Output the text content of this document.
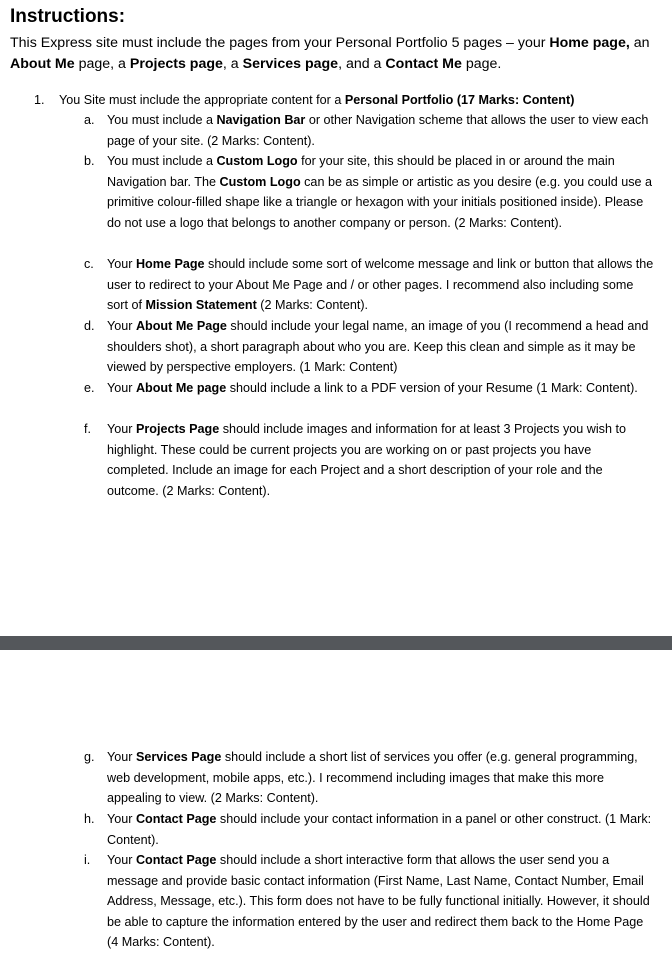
Instructions:

This Express site must include the pages from your Personal Portfolio 5 pages – your Home page, an About Me page, a Projects page, a Services page, and a Contact Me page.

1. You Site must include the appropriate content for a Personal Portfolio (17 Marks: Content)
a. You must include a Navigation Bar or other Navigation scheme that allows the user to view each page of your site. (2 Marks: Content).
b. You must include a Custom Logo for your site, this should be placed in or around the main Navigation bar. The Custom Logo can be as simple or artistic as you desire (e.g. you could use a primitive colour-filled shape like a triangle or hexagon with your initials positioned inside). Please do not use a logo that belongs to another company or person. (2 Marks: Content).
c. Your Home Page should include some sort of welcome message and link or button that allows the user to redirect to your About Me Page and / or other pages. I recommend also including some sort of Mission Statement (2 Marks: Content).
d. Your About Me Page should include your legal name, an image of you (I recommend a head and shoulders shot), a short paragraph about who you are. Keep this clean and simple as it may be viewed by perspective employers. (1 Mark: Content)
e. Your About Me page should include a link to a PDF version of your Resume (1 Mark: Content).
f. Your Projects Page should include images and information for at least 3 Projects you wish to highlight. These could be current projects you are working on or past projects you have completed. Include an image for each Project and a short description of your role and the outcome. (2 Marks: Content).
g. Your Services Page should include a short list of services you offer (e.g. general programming, web development, mobile apps, etc.). I recommend including images that make this more appealing to view. (2 Marks: Content).
h. Your Contact Page should include your contact information in a panel or other construct. (1 Mark: Content).
i. Your Contact Page should include a short interactive form that allows the user send you a message and provide basic contact information (First Name, Last Name, Contact Number, Email Address, Message, etc.). This form does not have to be fully functional initially. However, it should be able to capture the information entered by the user and redirect them back to the Home Page (4 Marks: Content).
